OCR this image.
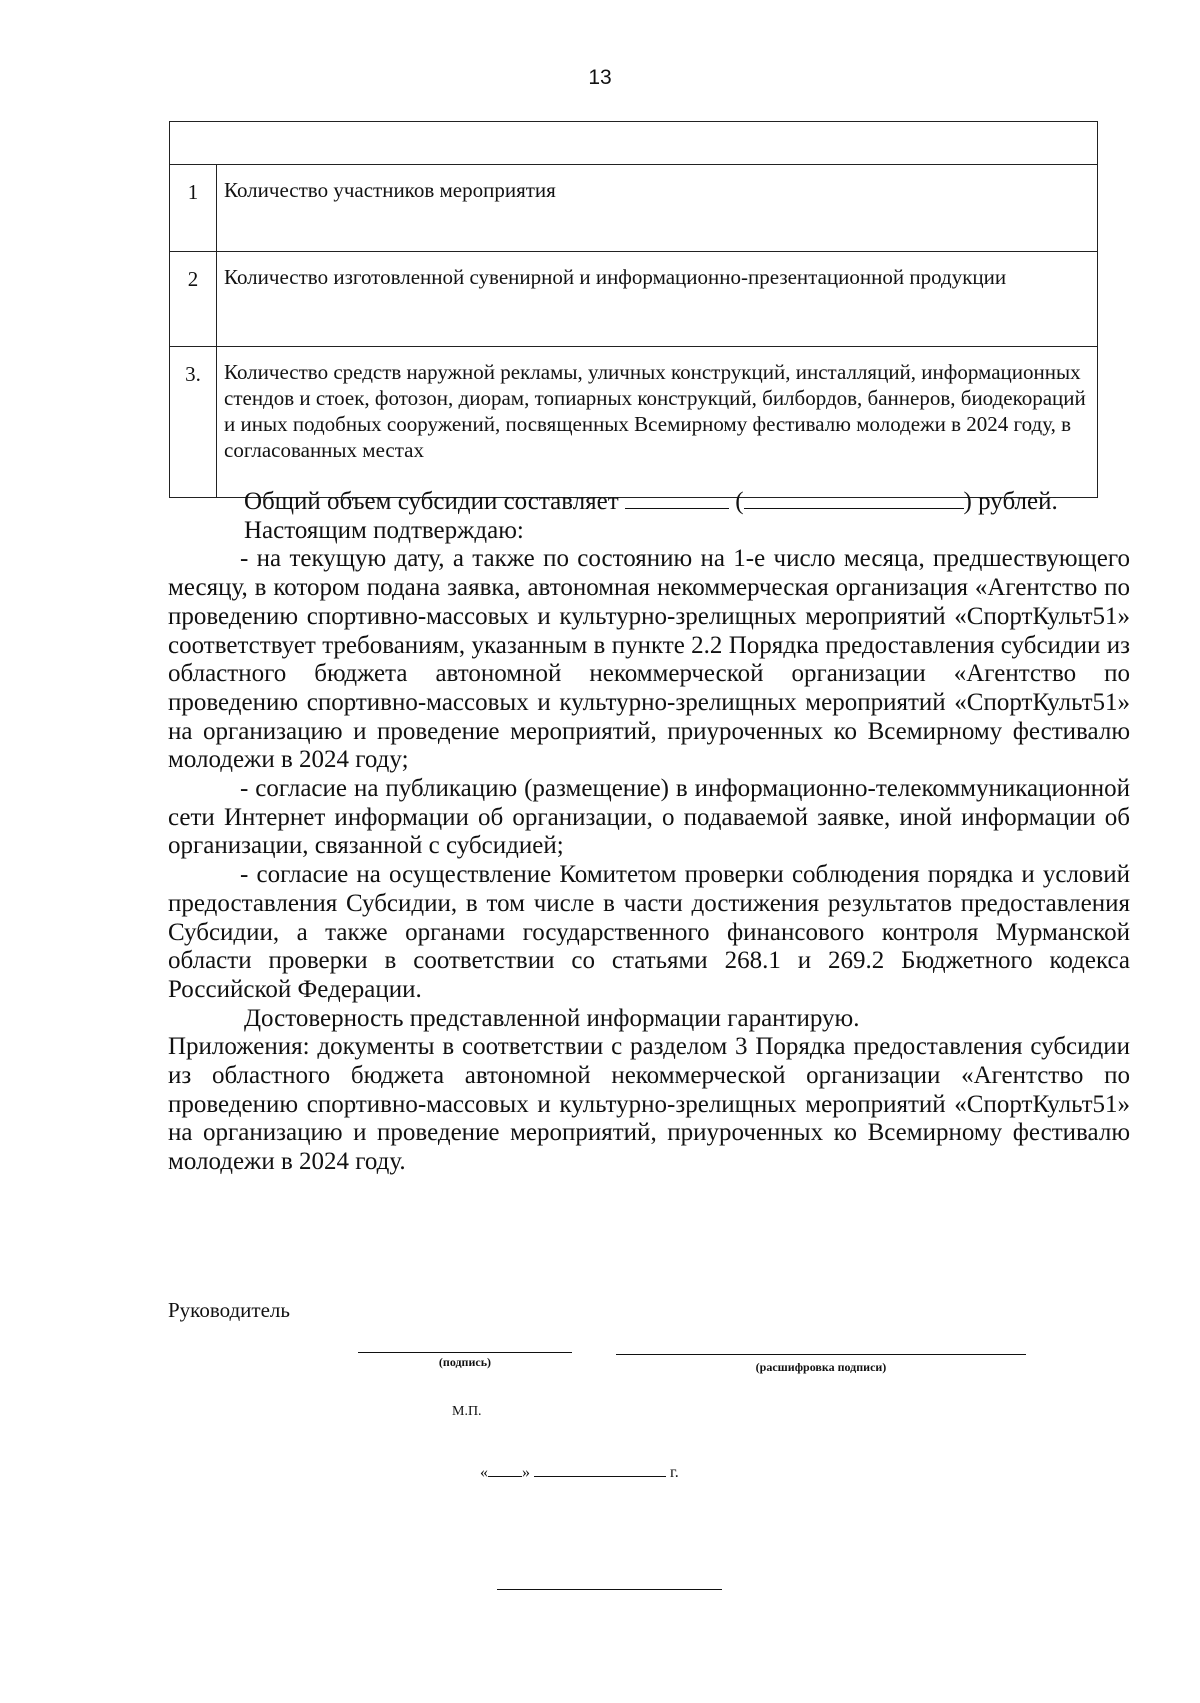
13

1	Количество участников мероприятия
2	Количество изготовленной сувенирной и информационно-презентационной продукции
3.	Количество средств наружной рекламы, уличных конструкций, инсталляций, информационных стендов и стоек, фотозон, диорам, топиарных конструкций, билбордов, баннеров, биодекораций и иных подобных сооружений, посвященных Всемирному фестивалю молодежи в 2024 году, в согласованных местах

Общий объем субсидии составляет	(	) рублей.

Настоящим подтверждаю:

- на текущую дату, а также по состоянию на 1-е число месяца, предшествующего месяцу, в котором подана заявка, автономная некоммерческая организация «Агентство по проведению спортивно-массовых и культурно-зрелищных мероприятий «СпортКульт51» соответствует требованиям, указанным в пункте 2.2 Порядка предоставления субсидии из областного бюджета автономной некоммерческой организации «Агентство по проведению спортивно-массовых и культурно-зрелищных мероприятий «СпортКульт51» на организацию и проведение мероприятий, приуроченных ко Всемирному фестивалю молодежи в 2024 году;

- согласие на публикацию (размещение) в информационно-телекоммуникационной сети Интернет информации об организации, о подаваемой заявке, иной информации об организации, связанной с субсидией;

- согласие на осуществление Комитетом проверки соблюдения порядка и условий предоставления Субсидии, в том числе в части достижения результатов предоставления Субсидии, а также органами государственного финансового контроля Мурманской области проверки в соответствии со статьями 268.1 и 269.2 Бюджетного кодекса Российской Федерации.

Достоверность представленной информации гарантирую.

Приложения: документы в соответствии с разделом 3 Порядка предоставления субсидии из областного бюджета автономной некоммерческой организации «Агентство по проведению спортивно-массовых и культурно-зрелищных мероприятий «СпортКульт51» на организацию и проведение мероприятий, приуроченных ко Всемирному фестивалю молодежи в 2024 году.

Руководитель
(подпись)	(расшифровка подписи)
М.П.
« »	г.
